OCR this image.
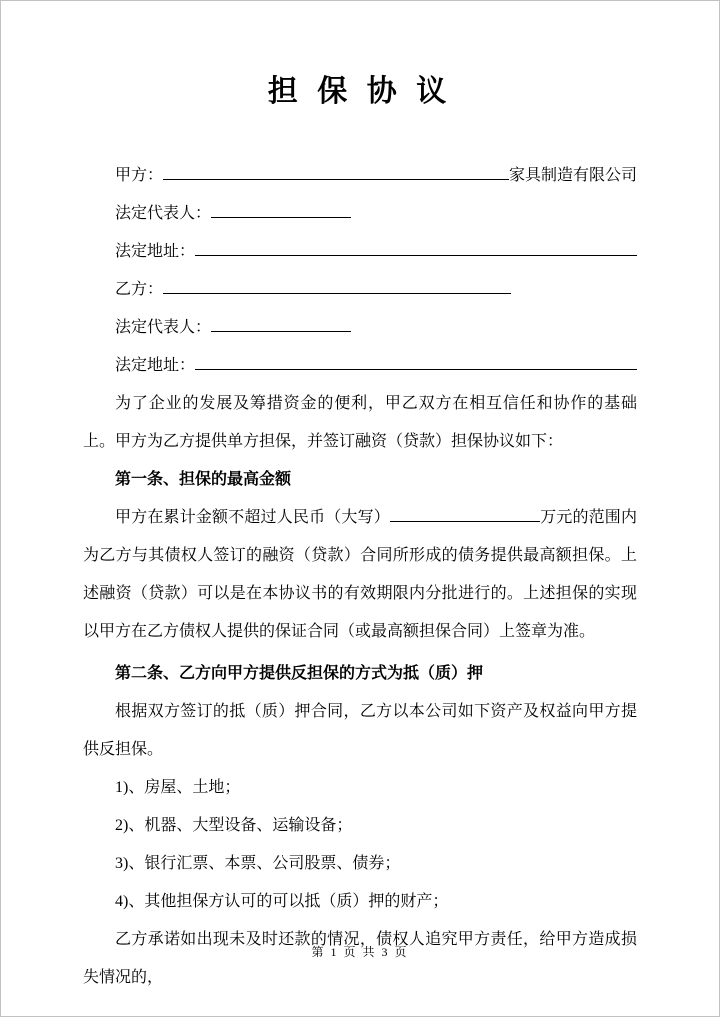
担 保 协 议
甲方：	家具制造有限公司
法定代表人：
法定地址：
乙方：
法定代表人：
法定地址：

为了企业的发展及筹措资金的便利，甲乙双方在相互信任和协作的基础上。甲方为乙方提供单方担保，并签订融资（贷款）担保协议如下：

第一条、担保的最高金额

甲方在累计金额不超过人民币（大写）	万元的范围内为乙方与其债权人签订的融资（贷款）合同所形成的债务提供最高额担保。上述融资（贷款）可以是在本协议书的有效期限内分批进行的。上述担保的实现以甲方在乙方债权人提供的保证合同（或最高额担保合同）上签章为准。

第二条、乙方向甲方提供反担保的方式为抵（质）押

根据双方签订的抵（质）押合同，乙方以本公司如下资产及权益向甲方提供反担保。

1)、房屋、土地；

2)、机器、大型设备、运输设备；

3)、银行汇票、本票、公司股票、债券；

4)、其他担保方认可的可以抵（质）押的财产；

乙方承诺如出现未及时还款的情况，债权人追究甲方责任，给甲方造成损失情况的，

第 1 页 共 3 页
